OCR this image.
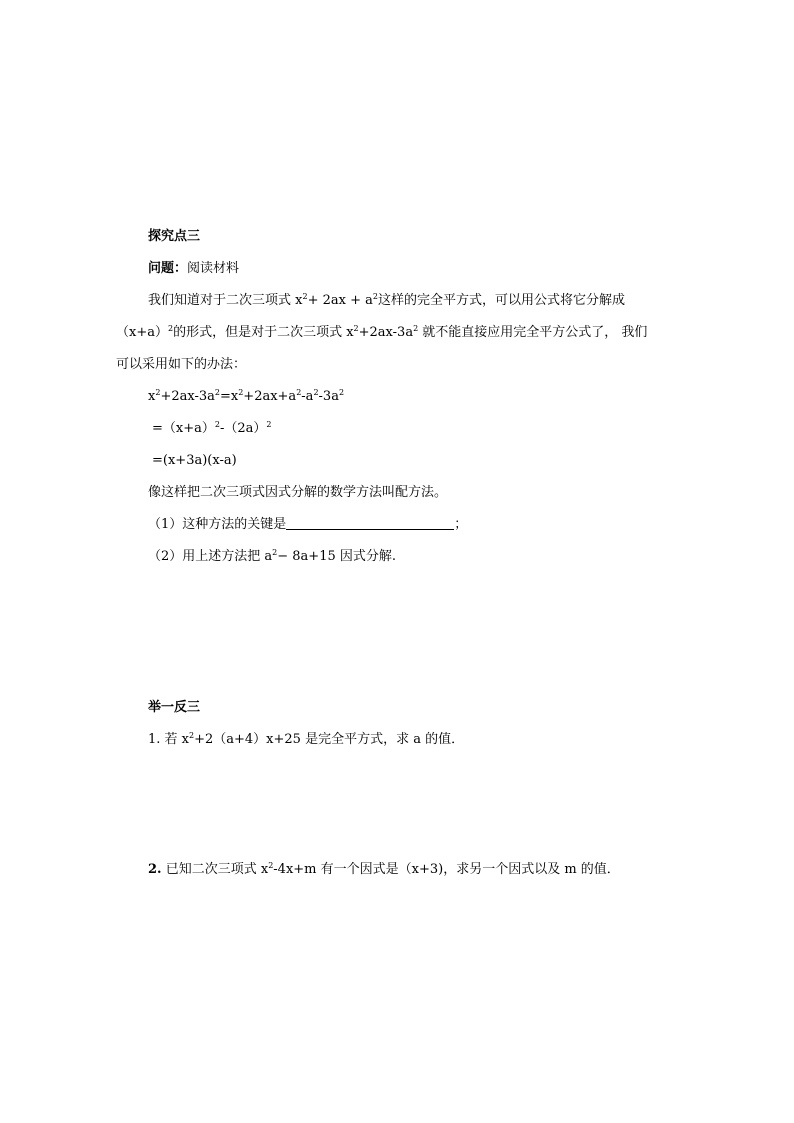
探究点三
问题：阅读材料
我们知道对于二次三项式 $x^2+ 2ax + a^2$这样的完全平方式，可以用公式将它分解成
$(x+a)^2$的形式，但是对于二次三项式 $x^2+2ax-3a^2$ 就不能直接应用完全平方公式了， 我们
可以采用如下的办法：
$x^2+2ax-3a^2=x^2+2ax+a^2-a^2-3a^2$
$=(x+a)^2-(2a)^2$
=(x+3a)(x-a)
像这样把二次三项式因式分解的数学方法叫配方法。
（1）这种方法的关键是	；
（2）用上述方法把 $a^2- 8a+15$ 因式分解.
举一反三
1. 若 $x^2+2(a+4)x+25$ 是完全平方式，求 a 的值．
2. 已知二次三项式 $x^2-4x+m$ 有一个因式是（x+3)，求另一个因式以及 m 的值．
